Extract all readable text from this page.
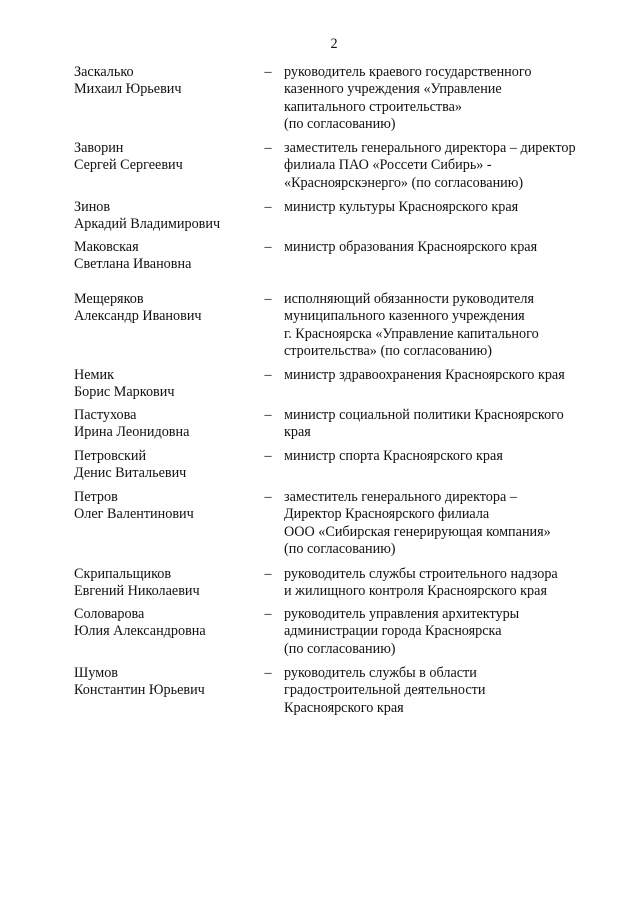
2
Заскалько
Михаил Юрьевич
– руководитель краевого государственного
казенного учреждения «Управление
капитального строительства»
(по согласованию)
Заворин
Сергей Сергеевич
– заместитель генерального директора – директор
филиала ПАО «Россети Сибирь» -
«Красноярскэнерго» (по согласованию)
Зинов
Аркадий Владимирович
– министр культуры Красноярского края
Маковская
Светлана Ивановна
– министр образования Красноярского края
Мещеряков
Александр Иванович
– исполняющий обязанности руководителя
муниципального казенного учреждения
г. Красноярска «Управление капитального
строительства» (по согласованию)
Немик
Борис Маркович
– министр здравоохранения Красноярского края
Пастухова
Ирина Леонидовна
– министр социальной политики Красноярского
края
Петровский
Денис Витальевич
– министр спорта Красноярского края
Петров
Олег Валентинович
– заместитель генерального директора –
Директор Красноярского филиала
ООО «Сибирская генерирующая компания»
(по согласованию)
Скрипальщиков
Евгений Николаевич
– руководитель службы строительного надзора
и жилищного контроля Красноярского края
Соловарова
Юлия Александровна
– руководитель управления архитектуры
администрации города Красноярска
(по согласованию)
Шумов
Константин Юрьевич
– руководитель службы в области
градостроительной деятельности
Красноярского края
